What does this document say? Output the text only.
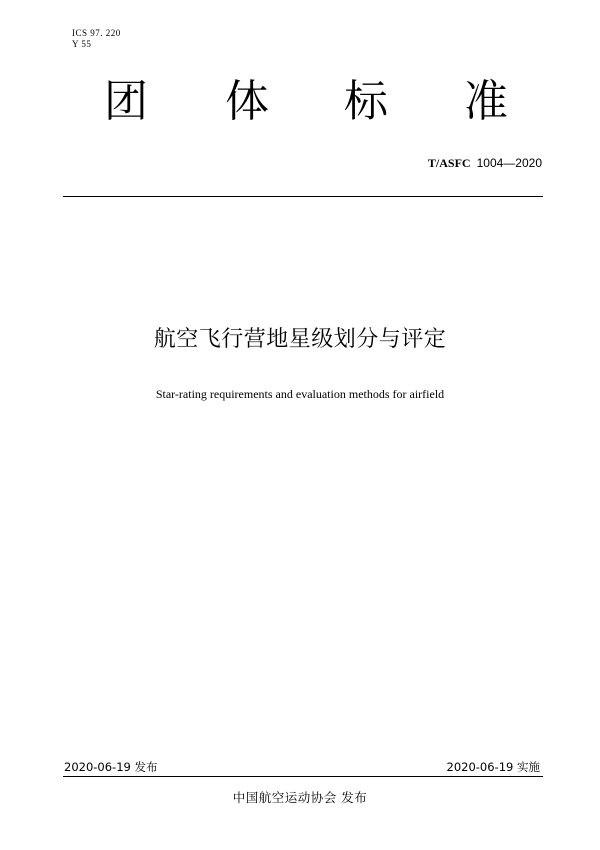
ICS 97. 220
Y 55
团 体 标 准
T/ASFC 1004—2020
航空飞行营地星级划分与评定
Star-rating requirements and evaluation methods for airfield
2020-06-19 发布	2020-06-19 实施
中国航空运动协会 发布
